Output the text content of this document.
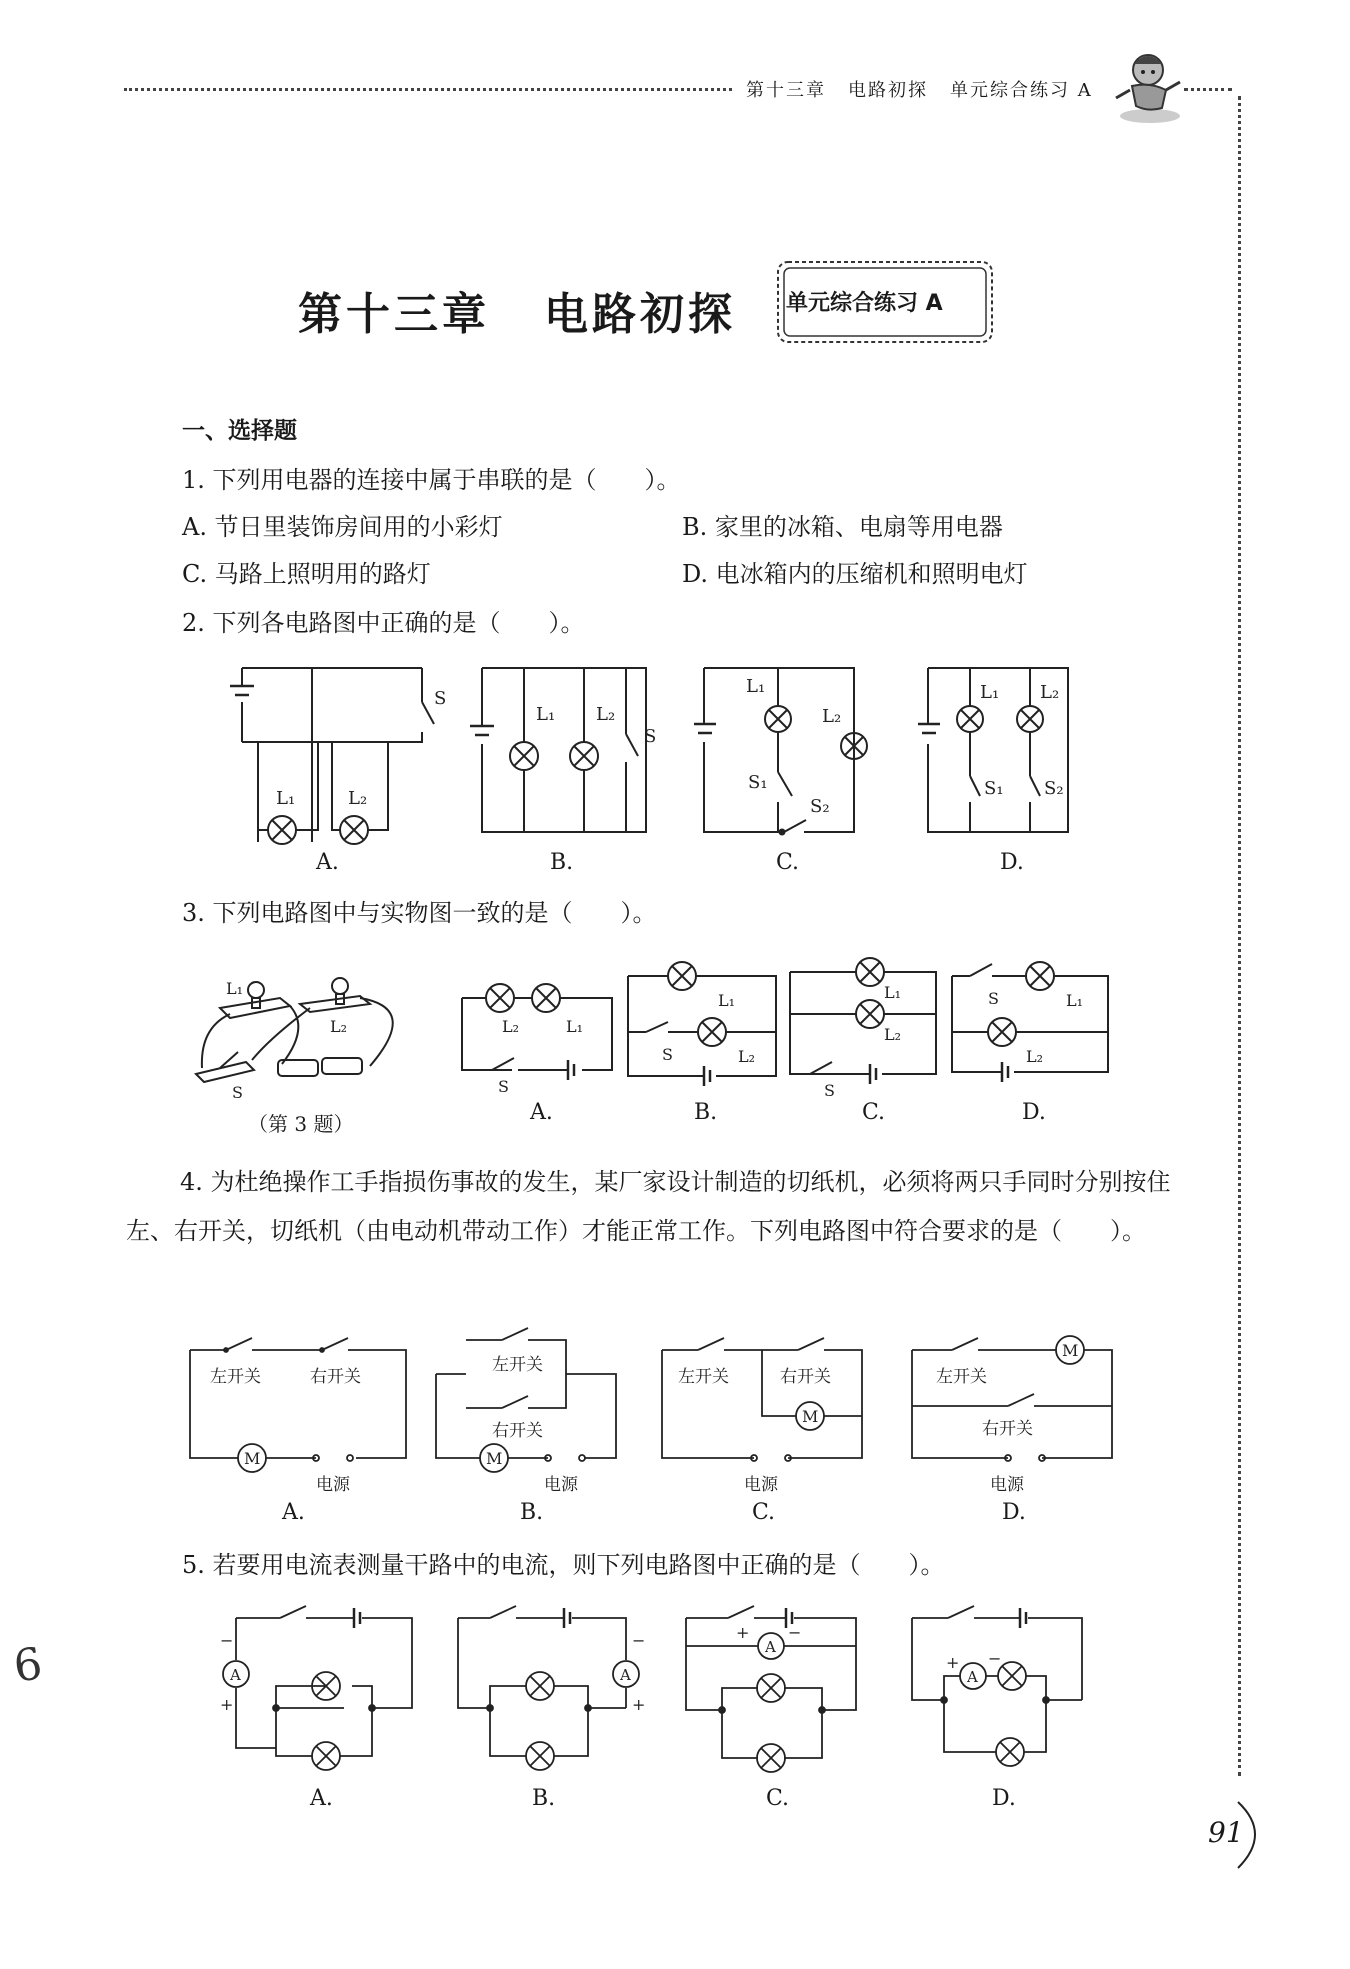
第十三章 电路初探 单元综合练习 A
第十三章 电路初探 单元综合练习 A
一、选择题
1. 下列用电器的连接中属于串联的是（　　）。
A. 节日里装饰房间用的小彩灯	B. 家里的冰箱、电扇等用电器
C. 马路上照明用的路灯	D. 电冰箱内的压缩机和照明电灯
2. 下列各电路图中正确的是（　　）。
S
L₁	L₂
L₁ L₂
S
L₁
L₂
S₁
S₂
L₁ L₂
S₁ S₂
A.	B.	C.	D.
3. 下列电路图中与实物图一致的是（　　）。
L₁
L₂
S
（第 3 题）
L₂	L₁
S
L₁
S	L₂
L₁
L₂
S
S	L₁
L₂
A.	B.	C.	D.
4. 为杜绝操作工手指损伤事故的发生，某厂家设计制造的切纸机，必须将两只手同时分别按住左、右开关，切纸机（由电动机带动工作）才能正常工作。下列电路图中符合要求的是（　　）。
左开关	右开关
M
电源
左开关
右开关
M
电源
左开关	右开关
M
电源
左开关
M
右开关
电源
A.	B.	C.	D.
5. 若要用电流表测量干路中的电流，则下列电路图中正确的是（　　）。
A
−
+
A
−
+
A
+ −
A
+ −
A.	B.	C.	D.
6
91
